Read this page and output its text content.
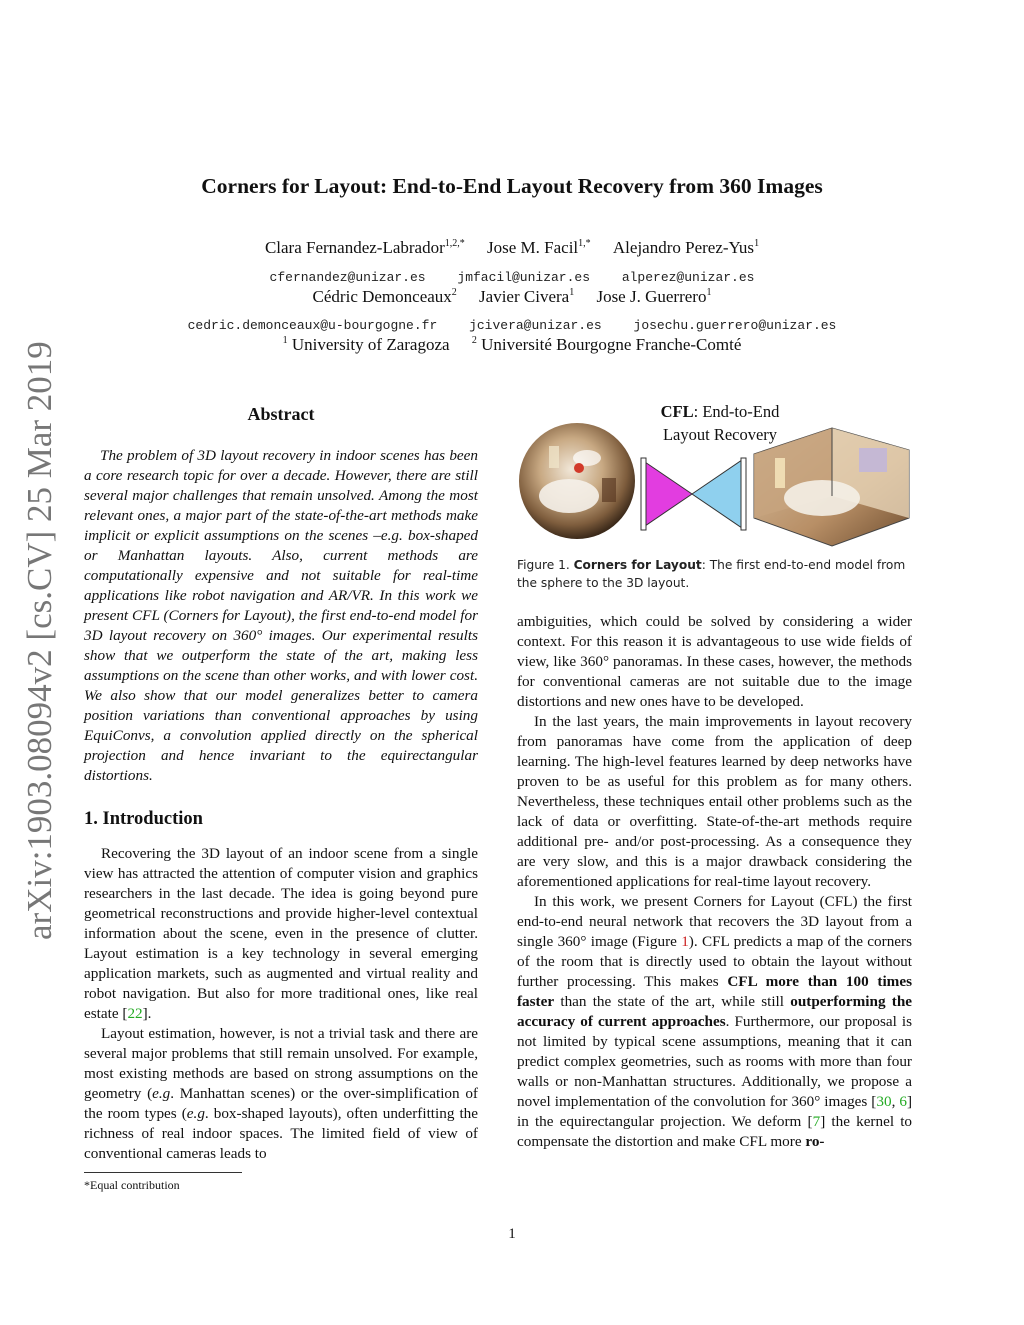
Corners for Layout: End-to-End Layout Recovery from 360 Images
Clara Fernandez-Labrador$^{1,2,*}$ Jose M. Facil$^{1,*}$ Alejandro Perez-Yus$^1$
cfernandez@unizar.es jmfacil@unizar.es alperez@unizar.es
Cédric Demonceaux$^2$ Javier Civera$^1$ Jose J. Guerrero$^1$
cedric.demonceaux@u-bourgogne.fr jcivera@unizar.es josechu.guerrero@unizar.es
$^1$ University of Zaragoza $^2$ Université Bourgogne Franche-Comté
arXiv:1903.08094v2 [cs.CV] 25 Mar 2019	Abstract
The problem of 3D layout recovery in indoor scenes has been a core research topic for over a decade. However, there are still several major challenges that remain unsolved. Among the most relevant ones, a major part of the state-of-the-art methods make implicit or explicit assumptions on the scenes –e.g. box-shaped or Manhattan layouts. Also, current methods are computationally expensive and not suitable for real-time applications like robot navigation and AR/VR. In this work we present CFL (Corners for Layout), the first end-to-end model for 3D layout recovery on 360° images. Our experimental results show that we outperform the state of the art, making less assumptions on the scene than other works, and with lower cost. We also show that our model generalizes better to camera position variations than conventional approaches by using EquiConvs, a convolution applied directly on the spherical projection and hence invariant to the equirectangular distortions.
1. Introduction

Recovering the 3D layout of an indoor scene from a single view has attracted the attention of computer vision and graphics researchers in the last decade. The idea is going beyond pure geometrical reconstructions and provide higher-level contextual information about the scene, even in the presence of clutter. Layout estimation is a key technology in several emerging application markets, such as augmented and virtual reality and robot navigation. But also for more traditional ones, like real estate [22].

Layout estimation, however, is not a trivial task and there are several major problems that still remain unsolved. For example, most existing methods are based on strong assumptions on the geometry (e.g. Manhattan scenes) or the over-simplification of the room types (e.g. box-shaped layouts), often underfitting the richness of real indoor spaces. The limited field of view of conventional cameras leads to

*Equal contribution
CFL: End-to-End
Layout Recovery
Figure 1. Corners for Layout: The first end-to-end model from the sphere to the 3D layout.

ambiguities, which could be solved by considering a wider context. For this reason it is advantageous to use wide fields of view, like 360° panoramas. In these cases, however, the methods for conventional cameras are not suitable due to the image distortions and new ones have to be developed.

In the last years, the main improvements in layout recovery from panoramas have come from the application of deep learning. The high-level features learned by deep networks have proven to be as useful for this problem as for many others. Nevertheless, these techniques entail other problems such as the lack of data or overfitting. State-of-the-art methods require additional pre- and/or post-processing. As a consequence they are very slow, and this is a major drawback considering the aforementioned applications for real-time layout recovery.

In this work, we present Corners for Layout (CFL) the first end-to-end neural network that recovers the 3D layout from a single 360° image (Figure 1). CFL predicts a map of the corners of the room that is directly used to obtain the layout without further processing. This makes CFL more than 100 times faster than the state of the art, while still outperforming the accuracy of current approaches. Furthermore, our proposal is not limited by typical scene assumptions, meaning that it can predict complex geometries, such as rooms with more than four walls or non-Manhattan structures. Additionally, we propose a novel implementation of the convolution for 360° images [30, 6] in the equirectangular projection. We deform [7] the kernel to compensate the distortion and make CFL more ro-

1
